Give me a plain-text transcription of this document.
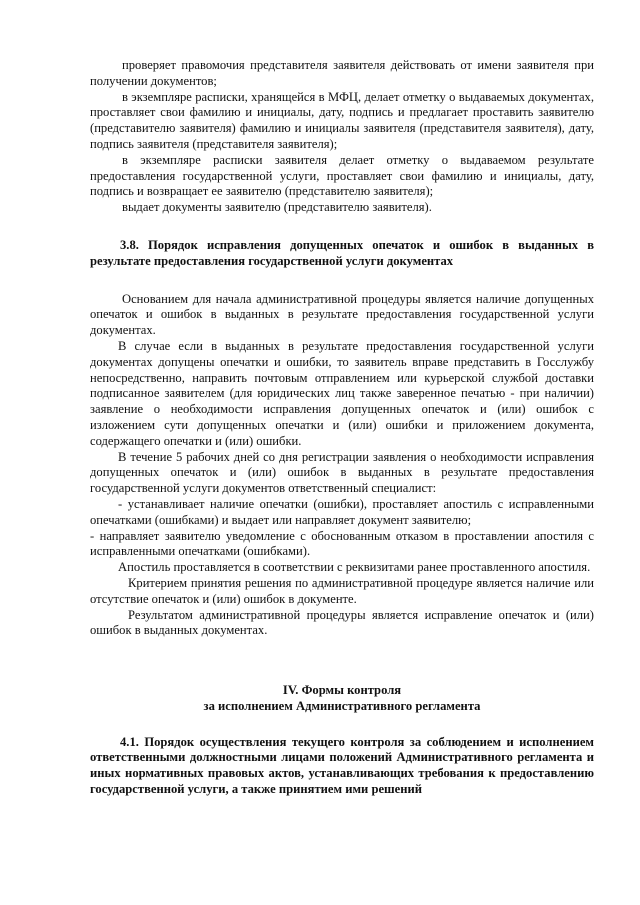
проверяет правомочия представителя заявителя действовать от имени заявителя при получении документов;

в экземпляре расписки, хранящейся в МФЦ, делает отметку о выдаваемых документах, проставляет свои фамилию и инициалы, дату, подпись и предлагает проставить заявителю (представителю заявителя) фамилию и инициалы заявителя (представителя заявителя), дату, подпись заявителя (представителя заявителя);

в экземпляре расписки заявителя делает отметку о выдаваемом результате предоставления государственной услуги, проставляет свои фамилию и инициалы, дату, подпись и возвращает ее заявителю (представителю заявителя);

выдает документы заявителю (представителю заявителя).

3.8. Порядок исправления допущенных опечаток и ошибок в выданных в результате предоставления государственной услуги документах

Основанием для начала административной процедуры является наличие допущенных опечаток и ошибок в выданных в результате предоставления государственной услуги документах.

В случае если в выданных в результате предоставления государственной услуги документах допущены опечатки и ошибки, то заявитель вправе представить в Госслужбу непосредственно, направить почтовым отправлением или курьерской службой доставки подписанное заявителем (для юридических лиц также заверенное печатью - при наличии) заявление о необходимости исправления допущенных опечаток и (или) ошибок с изложением сути допущенных опечатки и (или) ошибки и приложением документа, содержащего опечатки и (или) ошибки.

В течение 5 рабочих дней со дня регистрации заявления о необходимости исправления допущенных опечаток и (или) ошибок в выданных в результате предоставления государственной услуги документов ответственный специалист:

- устанавливает наличие опечатки (ошибки), проставляет апостиль с исправленными опечатками (ошибками) и выдает или направляет документ заявителю;

- направляет заявителю уведомление с обоснованным отказом в проставлении апостиля с исправленными опечатками (ошибками).

Апостиль проставляется в соответствии с реквизитами ранее проставленного апостиля.

Критерием принятия решения по административной процедуре является наличие или отсутствие опечаток и (или) ошибок в документе.

Результатом административной процедуры является исправление опечаток и (или) ошибок в выданных документах.

IV. Формы контроля

за исполнением Административного регламента

4.1. Порядок осуществления текущего контроля за соблюдением и исполнением ответственными должностными лицами положений Административного регламента и иных нормативных правовых актов, устанавливающих требования к предоставлению государственной услуги, а также принятием ими решений
